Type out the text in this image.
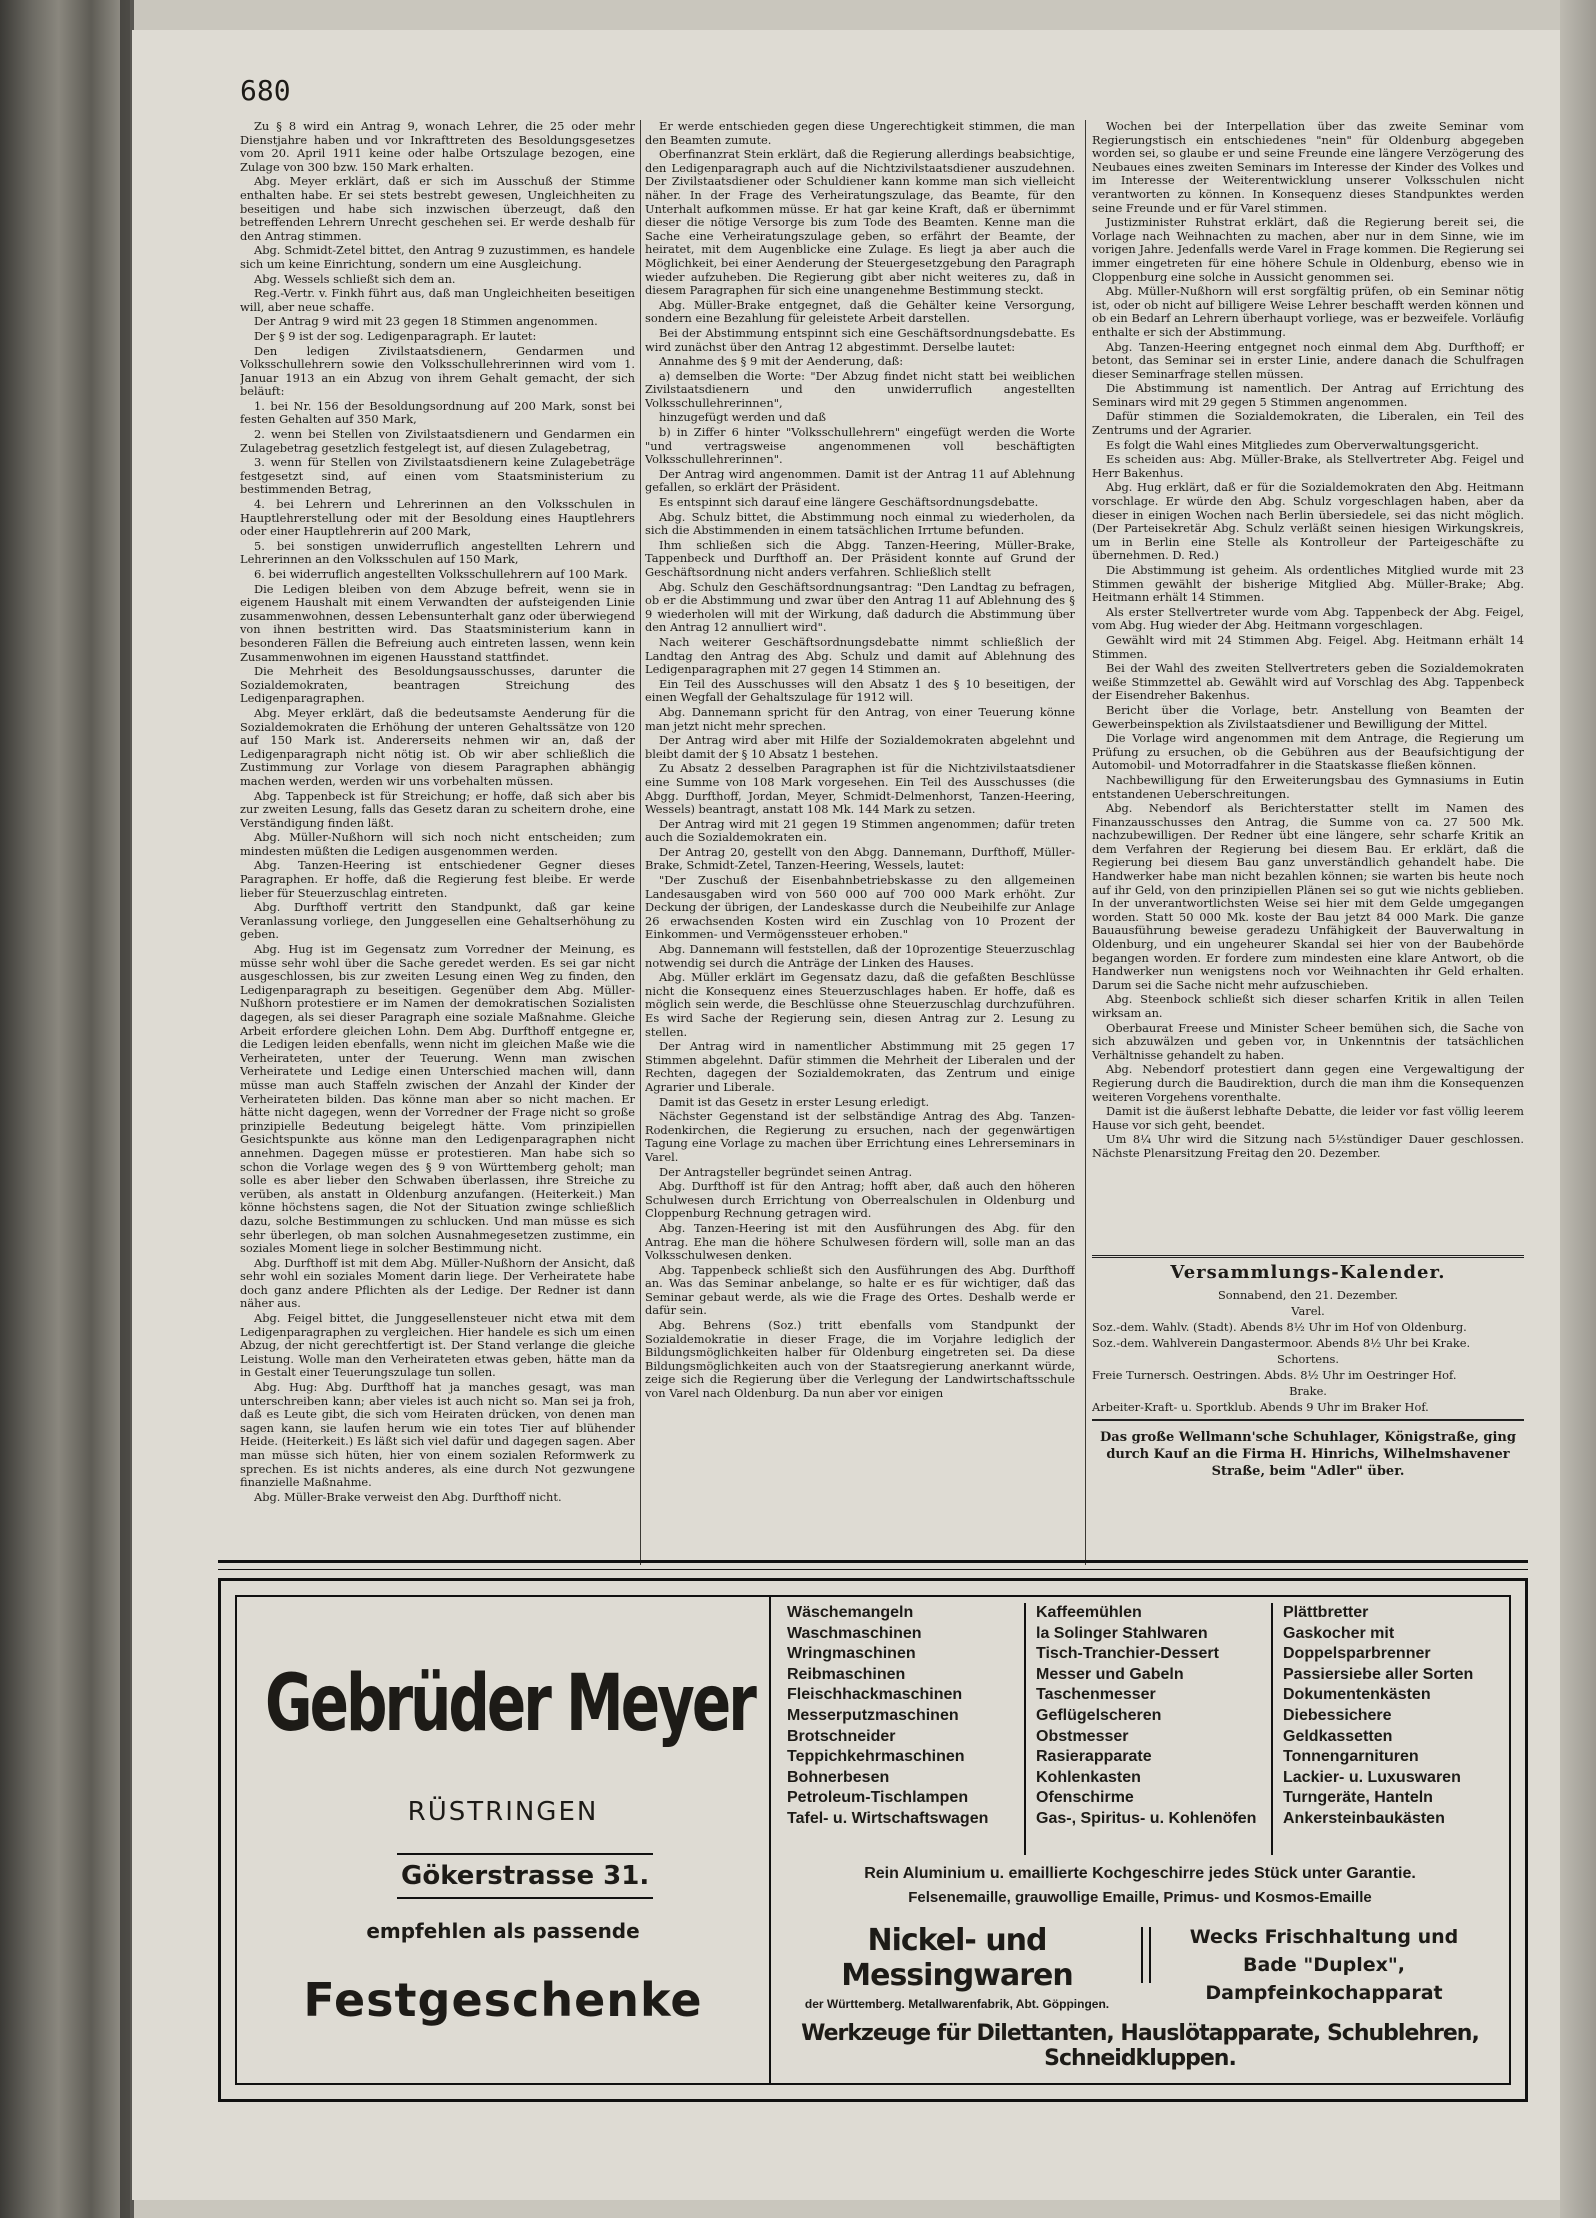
680

Zu § 8 wird ein Antrag 9, wonach Lehrer, die 25 oder mehr Dienstjahre haben und vor Inkrafttreten des Besoldungsgesetzes vom 20. April 1911 keine oder halbe Ortszulage bezogen, eine Zulage von 300 bzw. 150 Mark erhalten.

Abg. Meyer erklärt, daß er sich im Ausschuß der Stimme enthalten habe. Er sei stets bestrebt gewesen, Ungleichheiten zu beseitigen und habe sich inzwischen überzeugt, daß den betreffenden Lehrern Unrecht geschehen sei. Er werde deshalb für den Antrag stimmen.

Abg. Schmidt-Zetel bittet, den Antrag 9 zuzustimmen, es handele sich um keine Einrichtung, sondern um eine Ausgleichung.

Abg. Wessels schließt sich dem an.

Reg.-Vertr. v. Finkh führt aus, daß man Ungleichheiten beseitigen will, aber neue schaffe.

Der Antrag 9 wird mit 23 gegen 18 Stimmen angenommen.

Der § 9 ist der sog. Ledigenparagraph. Er lautet:

Den ledigen Zivilstaatsdienern, Gendarmen und Volksschullehrern sowie den Volksschullehrerinnen wird vom 1. Januar 1913 an ein Abzug von ihrem Gehalt gemacht, der sich beläuft:

1. bei Nr. 156 der Besoldungsordnung auf 200 Mark, sonst bei festen Gehalten auf 350 Mark,

2. wenn bei Stellen von Zivilstaatsdienern und Gendarmen ein Zulagebetrag gesetzlich festgelegt ist, auf diesen Zulagebetrag,

3. wenn für Stellen von Zivilstaatsdienern keine Zulagebeträge festgesetzt sind, auf einen vom Staatsministerium zu bestimmenden Betrag,

4. bei Lehrern und Lehrerinnen an den Volksschulen in Hauptlehrerstellung oder mit der Besoldung eines Hauptlehrers oder einer Hauptlehrerin auf 200 Mark,

5. bei sonstigen unwiderruflich angestellten Lehrern und Lehrerinnen an den Volksschulen auf 150 Mark,

6. bei widerruflich angestellten Volksschullehrern auf 100 Mark.

Die Ledigen bleiben von dem Abzuge befreit, wenn sie in eigenem Haushalt mit einem Verwandten der aufsteigenden Linie zusammenwohnen, dessen Lebensunterhalt ganz oder überwiegend von ihnen bestritten wird. Das Staatsministerium kann in besonderen Fällen die Befreiung auch eintreten lassen, wenn kein Zusammenwohnen im eigenen Hausstand stattfindet.

Die Mehrheit des Besoldungsausschusses, darunter die Sozialdemokraten, beantragen Streichung des Ledigenparagraphen.

Abg. Meyer erklärt, daß die bedeutsamste Aenderung für die Sozialdemokraten die Erhöhung der unteren Gehaltssätze von 120 auf 150 Mark ist. Andererseits nehmen wir an, daß der Ledigenparagraph nicht nötig ist. Ob wir aber schließlich die Zustimmung zur Vorlage von diesem Paragraphen abhängig machen werden, werden wir uns vorbehalten müssen.

Abg. Tappenbeck ist für Streichung; er hoffe, daß sich aber bis zur zweiten Lesung, falls das Gesetz daran zu scheitern drohe, eine Verständigung finden läßt.

Abg. Müller-Nußhorn will sich noch nicht entscheiden; zum mindesten müßten die Ledigen ausgenommen werden.

Abg. Tanzen-Heering ist entschiedener Gegner dieses Paragraphen. Er hoffe, daß die Regierung fest bleibe. Er werde lieber für Steuerzuschlag eintreten.

Abg. Durfthoff vertritt den Standpunkt, daß gar keine Veranlassung vorliege, den Junggesellen eine Gehaltserhöhung zu geben.

Abg. Hug ist im Gegensatz zum Vorredner der Meinung, es müsse sehr wohl über die Sache geredet werden. Es sei gar nicht ausgeschlossen, bis zur zweiten Lesung einen Weg zu finden, den Ledigenparagraph zu beseitigen. Gegenüber dem Abg. Müller-Nußhorn protestiere er im Namen der demokratischen Sozialisten dagegen, als sei dieser Paragraph eine soziale Maßnahme. Gleiche Arbeit erfordere gleichen Lohn. Dem Abg. Durfthoff entgegne er, die Ledigen leiden ebenfalls, wenn nicht im gleichen Maße wie die Verheirateten, unter der Teuerung. Wenn man zwischen Verheiratete und Ledige einen Unterschied machen will, dann müsse man auch Staffeln zwischen der Anzahl der Kinder der Verheirateten bilden. Das könne man aber so nicht machen. Er hätte nicht dagegen, wenn der Vorredner der Frage nicht so große prinzipielle Bedeutung beigelegt hätte. Vom prinzipiellen Gesichtspunkte aus könne man den Ledigenparagraphen nicht annehmen. Dagegen müsse er protestieren. Man habe sich so schon die Vorlage wegen des § 9 von Württemberg geholt; man solle es aber lieber den Schwaben überlassen, ihre Streiche zu verüben, als anstatt in Oldenburg anzufangen. (Heiterkeit.) Man könne höchstens sagen, die Not der Situation zwinge schließlich dazu, solche Bestimmungen zu schlucken. Und man müsse es sich sehr überlegen, ob man solchen Ausnahmegesetzen zustimme, ein soziales Moment liege in solcher Bestimmung nicht.

Abg. Durfthoff ist mit dem Abg. Müller-Nußhorn der Ansicht, daß sehr wohl ein soziales Moment darin liege. Der Verheiratete habe doch ganz andere Pflichten als der Ledige. Der Redner ist dann näher aus.

Abg. Feigel bittet, die Junggesellensteuer nicht etwa mit dem Ledigenparagraphen zu vergleichen. Hier handele es sich um einen Abzug, der nicht gerechtfertigt ist. Der Stand verlange die gleiche Leistung. Wolle man den Verheirateten etwas geben, hätte man da in Gestalt einer Teuerungszulage tun sollen.

Abg. Hug: Abg. Durfthoff hat ja manches gesagt, was man unterschreiben kann; aber vieles ist auch nicht so. Man sei ja froh, daß es Leute gibt, die sich vom Heiraten drücken, von denen man sagen kann, sie laufen herum wie ein totes Tier auf blühender Heide. (Heiterkeit.) Es läßt sich viel dafür und dagegen sagen. Aber man müsse sich hüten, hier von einem sozialen Reformwerk zu sprechen. Es ist nichts anderes, als eine durch Not gezwungene finanzielle Maßnahme.

Abg. Müller-Brake verweist den Abg. Durfthoff nicht.

Er werde entschieden gegen diese Ungerechtigkeit stimmen, die man den Beamten zumute.

Oberfinanzrat Stein erklärt, daß die Regierung allerdings beabsichtige, den Ledigenparagraph auch auf die Nichtzivilstaatsdiener auszudehnen. Der Zivilstaatsdiener oder Schuldiener kann komme man sich vielleicht näher. In der Frage des Verheiratungszulage, das Beamte, für den Unterhalt aufkommen müsse. Er hat gar keine Kraft, daß er übernimmt dieser die nötige Versorge bis zum Tode des Beamten. Kenne man die Sache eine Verheiratungszulage geben, so erfährt der Beamte, der heiratet, mit dem Augenblicke eine Zulage. Es liegt ja aber auch die Möglichkeit, bei einer Aenderung der Steuergesetzgebung den Paragraph wieder aufzuheben. Die Regierung gibt aber nicht weiteres zu, daß in diesem Paragraphen für sich eine unangenehme Bestimmung steckt.

Abg. Müller-Brake entgegnet, daß die Gehälter keine Versorgung, sondern eine Bezahlung für geleistete Arbeit darstellen.

Bei der Abstimmung entspinnt sich eine Geschäftsordnungsdebatte. Es wird zunächst über den Antrag 12 abgestimmt. Derselbe lautet:

Annahme des § 9 mit der Aenderung, daß:

a) demselben die Worte: "Der Abzug findet nicht statt bei weiblichen Zivilstaatsdienern und den unwiderruflich angestellten Volksschullehrerinnen",

hinzugefügt werden und daß

b) in Ziffer 6 hinter "Volksschullehrern" eingefügt werden die Worte "und vertragsweise angenommenen voll beschäftigten Volksschullehrerinnen".

Der Antrag wird angenommen. Damit ist der Antrag 11 auf Ablehnung gefallen, so erklärt der Präsident.

Es entspinnt sich darauf eine längere Geschäftsordnungsdebatte.

Abg. Schulz bittet, die Abstimmung noch einmal zu wiederholen, da sich die Abstimmenden in einem tatsächlichen Irrtume befunden.

Ihm schließen sich die Abgg. Tanzen-Heering, Müller-Brake, Tappenbeck und Durfthoff an. Der Präsident konnte auf Grund der Geschäftsordnung nicht anders verfahren. Schließlich stellt

Abg. Schulz den Geschäftsordnungsantrag: "Den Landtag zu befragen, ob er die Abstimmung und zwar über den Antrag 11 auf Ablehnung des § 9 wiederholen will mit der Wirkung, daß dadurch die Abstimmung über den Antrag 12 annulliert wird".

Nach weiterer Geschäftsordnungsdebatte nimmt schließlich der Landtag den Antrag des Abg. Schulz und damit auf Ablehnung des Ledigenparagraphen mit 27 gegen 14 Stimmen an.

Ein Teil des Ausschusses will den Absatz 1 des § 10 beseitigen, der einen Wegfall der Gehaltszulage für 1912 will.

Abg. Dannemann spricht für den Antrag, von einer Teuerung könne man jetzt nicht mehr sprechen.

Der Antrag wird aber mit Hilfe der Sozialdemokraten abgelehnt und bleibt damit der § 10 Absatz 1 bestehen.

Zu Absatz 2 desselben Paragraphen ist für die Nichtzivilstaatsdiener eine Summe von 108 Mark vorgesehen. Ein Teil des Ausschusses (die Abgg. Durfthoff, Jordan, Meyer, Schmidt-Delmenhorst, Tanzen-Heering, Wessels) beantragt, anstatt 108 Mk. 144 Mark zu setzen.

Der Antrag wird mit 21 gegen 19 Stimmen angenommen; dafür treten auch die Sozialdemokraten ein.

Der Antrag 20, gestellt von den Abgg. Dannemann, Durfthoff, Müller-Brake, Schmidt-Zetel, Tanzen-Heering, Wessels, lautet:

"Der Zuschuß der Eisenbahnbetriebskasse zu den allgemeinen Landesausgaben wird von 560 000 auf 700 000 Mark erhöht. Zur Deckung der übrigen, der Landeskasse durch die Neubeihilfe zur Anlage 26 erwachsenden Kosten wird ein Zuschlag von 10 Prozent der Einkommen- und Vermögenssteuer erhoben."

Abg. Dannemann will feststellen, daß der 10prozentige Steuerzuschlag notwendig sei durch die Anträge der Linken des Hauses.

Abg. Müller erklärt im Gegensatz dazu, daß die gefaßten Beschlüsse nicht die Konsequenz eines Steuerzuschlages haben. Er hoffe, daß es möglich sein werde, die Beschlüsse ohne Steuerzuschlag durchzuführen. Es wird Sache der Regierung sein, diesen Antrag zur 2. Lesung zu stellen.

Der Antrag wird in namentlicher Abstimmung mit 25 gegen 17 Stimmen abgelehnt. Dafür stimmen die Mehrheit der Liberalen und der Rechten, dagegen der Sozialdemokraten, das Zentrum und einige Agrarier und Liberale.

Damit ist das Gesetz in erster Lesung erledigt.

Nächster Gegenstand ist der selbständige Antrag des Abg. Tanzen-Rodenkirchen, die Regierung zu ersuchen, nach der gegenwärtigen Tagung eine Vorlage zu machen über Errichtung eines Lehrerseminars in Varel.

Der Antragsteller begründet seinen Antrag.

Abg. Durfthoff ist für den Antrag; hofft aber, daß auch den höheren Schulwesen durch Errichtung von Oberrealschulen in Oldenburg und Cloppenburg Rechnung getragen wird.

Abg. Tanzen-Heering ist mit den Ausführungen des Abg. für den Antrag. Ehe man die höhere Schulwesen fördern will, solle man an das Volksschulwesen denken.

Abg. Tappenbeck schließt sich den Ausführungen des Abg. Durfthoff an. Was das Seminar anbelange, so halte er es für wichtiger, daß das Seminar gebaut werde, als wie die Frage des Ortes. Deshalb werde er dafür sein.

Abg. Behrens (Soz.) tritt ebenfalls vom Standpunkt der Sozialdemokratie in dieser Frage, die im Vorjahre lediglich der Bildungsmöglichkeiten halber für Oldenburg eingetreten sei. Da diese Bildungsmöglichkeiten auch von der Staatsregierung anerkannt würde, zeige sich die Regierung über die Verlegung der Landwirtschaftsschule von Varel nach Oldenburg. Da nun aber vor einigen

Wochen bei der Interpellation über das zweite Seminar vom Regierungstisch ein entschiedenes "nein" für Oldenburg abgegeben worden sei, so glaube er und seine Freunde eine längere Verzögerung des Neubaues eines zweiten Seminars im Interesse der Kinder des Volkes und im Interesse der Weiterentwicklung unserer Volksschulen nicht verantworten zu können. In Konsequenz dieses Standpunktes werden seine Freunde und er für Varel stimmen.

Justizminister Ruhstrat erklärt, daß die Regierung bereit sei, die Vorlage nach Weihnachten zu machen, aber nur in dem Sinne, wie im vorigen Jahre. Jedenfalls werde Varel in Frage kommen. Die Regierung sei immer eingetreten für eine höhere Schule in Oldenburg, ebenso wie in Cloppenburg eine solche in Aussicht genommen sei.

Abg. Müller-Nußhorn will erst sorgfältig prüfen, ob ein Seminar nötig ist, oder ob nicht auf billigere Weise Lehrer beschafft werden können und ob ein Bedarf an Lehrern überhaupt vorliege, was er bezweifele. Vorläufig enthalte er sich der Abstimmung.

Abg. Tanzen-Heering entgegnet noch einmal dem Abg. Durfthoff; er betont, das Seminar sei in erster Linie, andere danach die Schulfragen dieser Seminarfrage stellen müssen.

Die Abstimmung ist namentlich. Der Antrag auf Errichtung des Seminars wird mit 29 gegen 5 Stimmen angenommen.

Dafür stimmen die Sozialdemokraten, die Liberalen, ein Teil des Zentrums und der Agrarier.

Es folgt die Wahl eines Mitgliedes zum Oberverwaltungsgericht.

Es scheiden aus: Abg. Müller-Brake, als Stellvertreter Abg. Feigel und Herr Bakenhus.

Abg. Hug erklärt, daß er für die Sozialdemokraten den Abg. Heitmann vorschlage. Er würde den Abg. Schulz vorgeschlagen haben, aber da dieser in einigen Wochen nach Berlin übersiedele, sei das nicht möglich. (Der Parteisekretär Abg. Schulz verläßt seinen hiesigen Wirkungskreis, um in Berlin eine Stelle als Kontrolleur der Parteigeschäfte zu übernehmen. D. Red.)

Die Abstimmung ist geheim. Als ordentliches Mitglied wurde mit 23 Stimmen gewählt der bisherige Mitglied Abg. Müller-Brake; Abg. Heitmann erhält 14 Stimmen.

Als erster Stellvertreter wurde vom Abg. Tappenbeck der Abg. Feigel, vom Abg. Hug wieder der Abg. Heitmann vorgeschlagen.

Gewählt wird mit 24 Stimmen Abg. Feigel. Abg. Heitmann erhält 14 Stimmen.

Bei der Wahl des zweiten Stellvertreters geben die Sozialdemokraten weiße Stimmzettel ab. Gewählt wird auf Vorschlag des Abg. Tappenbeck der Eisendreher Bakenhus.

Bericht über die Vorlage, betr. Anstellung von Beamten der Gewerbeinspektion als Zivilstaatsdiener und Bewilligung der Mittel.

Die Vorlage wird angenommen mit dem Antrage, die Regierung um Prüfung zu ersuchen, ob die Gebühren aus der Beaufsichtigung der Automobil- und Motorradfahrer in die Staatskasse fließen können.

Nachbewilligung für den Erweiterungsbau des Gymnasiums in Eutin entstandenen Ueberschreitungen.

Abg. Nebendorf als Berichterstatter stellt im Namen des Finanzausschusses den Antrag, die Summe von ca. 27 500 Mk. nachzubewilligen. Der Redner übt eine längere, sehr scharfe Kritik an dem Verfahren der Regierung bei diesem Bau. Er erklärt, daß die Regierung bei diesem Bau ganz unverständlich gehandelt habe. Die Handwerker habe man nicht bezahlen können; sie warten bis heute noch auf ihr Geld, von den prinzipiellen Plänen sei so gut wie nichts geblieben. In der unverantwortlichsten Weise sei hier mit dem Gelde umgegangen worden. Statt 50 000 Mk. koste der Bau jetzt 84 000 Mark. Die ganze Bauausführung beweise geradezu Unfähigkeit der Bauverwaltung in Oldenburg, und ein ungeheurer Skandal sei hier von der Baubehörde begangen worden. Er fordere zum mindesten eine klare Antwort, ob die Handwerker nun wenigstens noch vor Weihnachten ihr Geld erhalten. Darum sei die Sache nicht mehr aufzuschieben.

Abg. Steenbock schließt sich dieser scharfen Kritik in allen Teilen wirksam an.

Oberbaurat Freese und Minister Scheer bemühen sich, die Sache von sich abzuwälzen und geben vor, in Unkenntnis der tatsächlichen Verhältnisse gehandelt zu haben.

Abg. Nebendorf protestiert dann gegen eine Vergewaltigung der Regierung durch die Baudirektion, durch die man ihm die Konsequenzen weiteren Vorgehens vorenthalte.

Damit ist die äußerst lebhafte Debatte, die leider vor fast völlig leerem Hause vor sich geht, beendet.

Um 8¼ Uhr wird die Sitzung nach 5½stündiger Dauer geschlossen. Nächste Plenarsitzung Freitag den 20. Dezember.

Versammlungs-Kalender.
Sonnabend, den 21. Dezember.
Varel.
Soz.-dem. Wahlv. (Stadt). Abends 8½ Uhr im Hof von Oldenburg.
Soz.-dem. Wahlverein Dangastermoor. Abends 8½ Uhr bei Krake.
Schortens.
Freie Turnersch. Oestringen. Abds. 8½ Uhr im Oestringer Hof.
Brake.
Arbeiter-Kraft- u. Sportklub. Abends 9 Uhr im Braker Hof.
Das große Wellmann'sche Schuhlager, Königstraße, ging durch Kauf an die Firma H. Hinrichs, Wilhelmshavener Straße, beim "Adler" über.
Gebrüder Meyer
RÜSTRINGEN
Gökerstrasse 31.
empfehlen als passende
Festgeschenke
Wäschemangeln
Waschmaschinen
Wringmaschinen
Reibmaschinen
Fleischhackmaschinen
Messerputzmaschinen
Brotschneider
Teppichkehrmaschinen
Bohnerbesen
Petroleum-Tischlampen
Tafel- u. Wirtschaftswagen
Kaffeemühlen
la Solinger Stahlwaren
Tisch-Tranchier-Dessert
Messer und Gabeln
Taschenmesser
Geflügelscheren
Obstmesser
Rasierapparate
Kohlenkasten
Ofenschirme
Gas-, Spiritus- u. Kohlenöfen
Plättbretter
Gaskocher mit
Doppelsparbrenner
Passiersiebe aller Sorten
Dokumentenkästen
Diebessichere
Geldkassetten
Tonnengarnituren
Lackier- u. Luxuswaren
Turngeräte, Hanteln
Ankersteinbaukästen
Rein Aluminium u. emaillierte Kochgeschirre jedes Stück unter Garantie.
Felsenemaille, grauwollige Emaille, Primus- und Kosmos-Emaille
Nickel- und Messingwaren
der Württemberg. Metallwarenfabrik, Abt. Göppingen.
Wecks Frischhaltung und
Bade "Duplex", Dampfeinkochapparat
Werkzeuge für Dilettanten, Hauslötapparate, Schublehren, Schneidkluppen.
